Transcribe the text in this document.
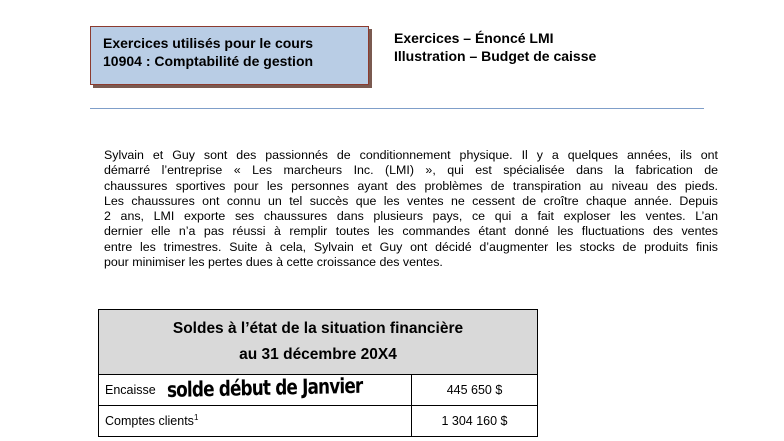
Exercices utilisés pour le cours
10904 : Comptabilité de gestion
Exercices – Énoncé LMI
Illustration – Budget de caisse
Sylvain et Guy sont des passionnés de conditionnement physique. Il y a quelques années, ils ont
démarré l’entreprise « Les marcheurs Inc. (LMI) », qui est spécialisée dans la fabrication de
chaussures sportives pour les personnes ayant des problèmes de transpiration au niveau des pieds.
Les chaussures ont connu un tel succès que les ventes ne cessent de croître chaque année. Depuis
2 ans, LMI exporte ses chaussures dans plusieurs pays, ce qui a fait exploser les ventes. L’an
dernier elle n’a pas réussi à remplir toutes les commandes étant donné les fluctuations des ventes
entre les trimestres. Suite à cela, Sylvain et Guy ont décidé d’augmenter les stocks de produits finis
pour minimiser les pertes dues à cette croissance des ventes.
Soldes à l’état de la situation financière
au 31 décembre 20X4	

Encaisse solde début de Janvier	445 650 $
Comptes clients$^1$	1 304 160 $
